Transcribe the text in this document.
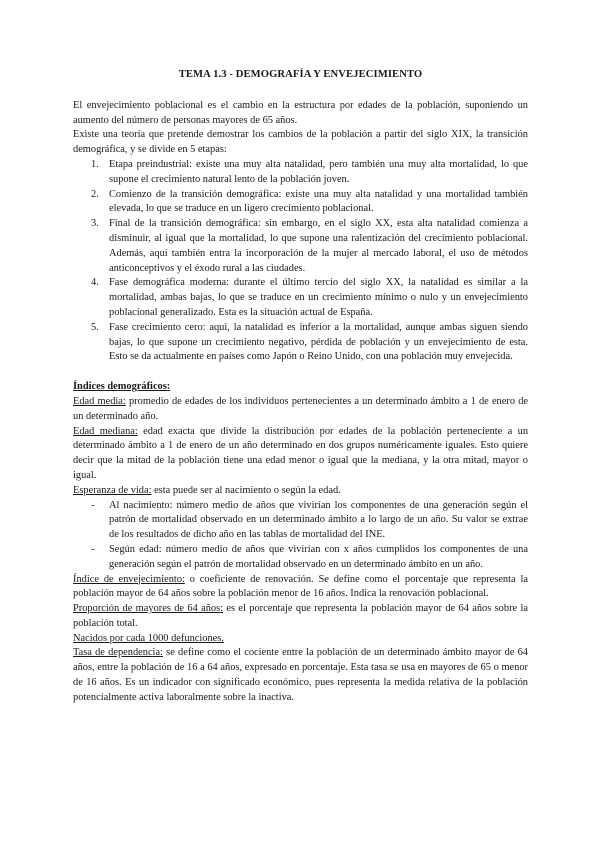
TEMA 1.3 - DEMOGRAFÍA Y ENVEJECIMIENTO

El envejecimiento poblacional es el cambio en la estructura por edades de la población, suponiendo un aumento del número de personas mayores de 65 años.

Existe una teoría que pretende demostrar los cambios de la población a partir del siglo XIX, la transición demográfica, y se divide en 5 etapas:

1. Etapa preindustrial: existe una muy alta natalidad, pero también una muy alta mortalidad, lo que supone el crecimiento natural lento de la población joven.
2. Comienzo de la transición demográfica: existe una muy alta natalidad y una mortalidad también elevada, lo que se traduce en un ligero crecimiento poblacional.
3. Final de la transición demográfica: sin embargo, en el siglo XX, esta alta natalidad comienza a disminuir, al igual que la mortalidad, lo que supone una ralentización del crecimiento poblacional. Además, aquí también entra la incorporación de la mujer al mercado laboral, el uso de métodos anticonceptivos y el éxodo rural a las ciudades.
4. Fase demográfica moderna: durante el último tercio del siglo XX, la natalidad es similar a la mortalidad, ambas bajas, lo que se traduce en un crecimiento mínimo o nulo y un envejecimiento poblacional generalizado. Esta es la situación actual de España.
5. Fase crecimiento cero: aquí, la natalidad es inferior a la mortalidad, aunque ambas siguen siendo bajas, lo que supone un crecimiento negativo, pérdida de población y un envejecimiento de esta. Esto se da actualmente en países como Japón o Reino Unido, con una población muy envejecida.

Índices demográficos:

Edad media: promedio de edades de los individuos pertenecientes a un determinado ámbito a 1 de enero de un determinado año.

Edad mediana: edad exacta que divide la distribución por edades de la población perteneciente a un determinado ámbito a 1 de enero de un año determinado en dos grupos numéricamente iguales. Esto quiere decir que la mitad de la población tiene una edad menor o igual que la mediana, y la otra mitad, mayor o igual.

Esperanza de vida: esta puede ser al nacimiento o según la edad.

- Al nacimiento: número medio de años que vivirían los componentes de una generación según el patrón de mortalidad observado en un determinado ámbito a lo largo de un año. Su valor se extrae de los resultados de dicho año en las tablas de mortalidad del INE.
- Según edad: número medio de años que vivirían con x años cumplidos los componentes de una generación según el patrón de mortalidad observado en un determinado ámbito en un año.

Índice de envejecimiento: o coeficiente de renovación. Se define como el porcentaje que representa la población mayor de 64 años sobre la población menor de 16 años. Indica la renovación poblacional.

Proporción de mayores de 64 años: es el porcentaje que representa la población mayor de 64 años sobre la población total.

Nacidos por cada 1000 defunciones.

Tasa de dependencia: se define como el cociente entre la población de un determinado ámbito mayor de 64 años, entre la población de 16 a 64 años, expresado en porcentaje. Esta tasa se usa en mayores de 65 o menor de 16 años. Es un indicador con significado económico, pues representa la medida relativa de la población potencialmente activa laboralmente sobre la inactiva.
